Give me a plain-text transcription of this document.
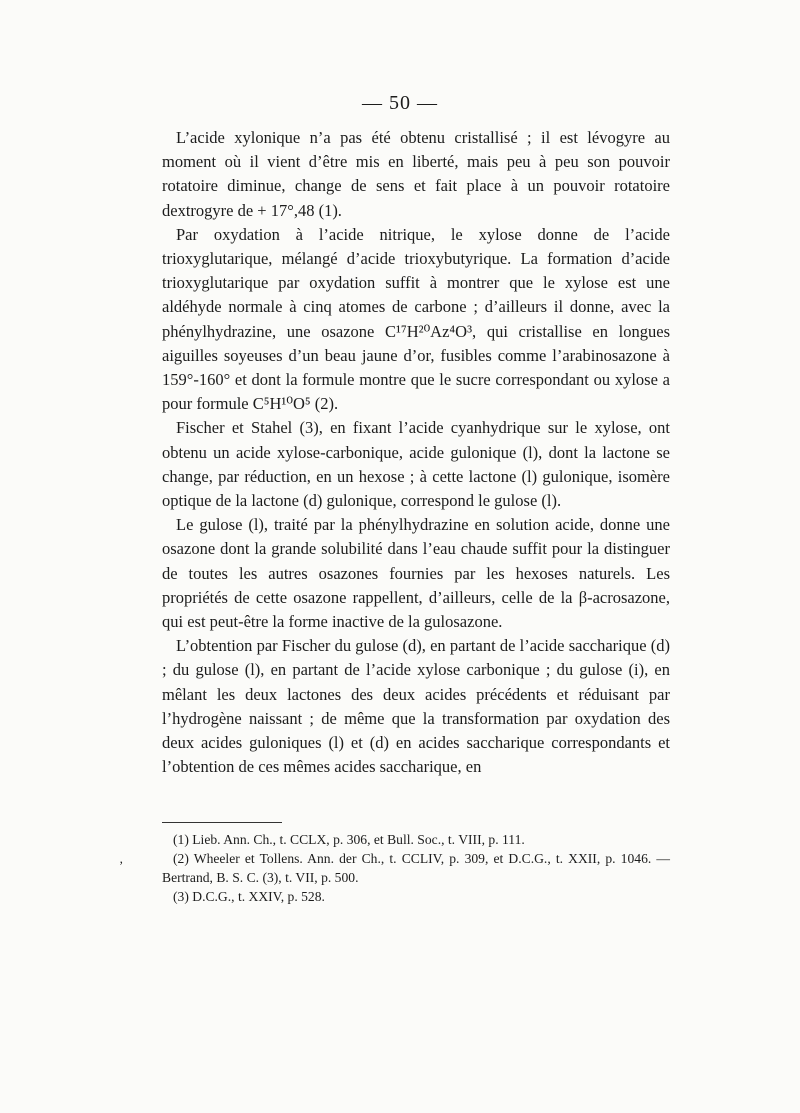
— 50 —

L’acide xylonique n’a pas été obtenu cristallisé ; il est lévogyre au moment où il vient d’être mis en liberté, mais peu à peu son pouvoir rotatoire diminue, change de sens et fait place à un pouvoir rotatoire dextrogyre de + 17°,48 (1).

Par oxydation à l’acide nitrique, le xylose donne de l’acide trioxyglutarique, mélangé d’acide trioxybutyrique. La formation d’acide trioxyglutarique par oxydation suffit à montrer que le xylose est une aldéhyde normale à cinq atomes de carbone ; d’ailleurs il donne, avec la phénylhydrazine, une osazone C¹⁷H²⁰Az⁴O³, qui cristallise en longues aiguilles soyeuses d’un beau jaune d’or, fusibles comme l’arabinosazone à 159°-160° et dont la formule montre que le sucre correspondant ou xylose a pour formule C⁵H¹⁰O⁵ (2).

Fischer et Stahel (3), en fixant l’acide cyanhydrique sur le xylose, ont obtenu un acide xylose-carbonique, acide gulonique (l), dont la lactone se change, par réduction, en un hexose ; à cette lactone (l) gulonique, isomère optique de la lactone (d) gulonique, correspond le gulose (l).

Le gulose (l), traité par la phénylhydrazine en solution acide, donne une osazone dont la grande solubilité dans l’eau chaude suffit pour la distinguer de toutes les autres osazones fournies par les hexoses naturels. Les propriétés de cette osazone rappellent, d’ailleurs, celle de la β-acrosazone, qui est peut-être la forme inactive de la gulosazone.

L’obtention par Fischer du gulose (d), en partant de l’acide saccharique (d) ; du gulose (l), en partant de l’acide xylose carbonique ; du gulose (i), en mêlant les deux lactones des deux acides précédents et réduisant par l’hydrogène naissant ; de même que la transformation par oxydation des deux acides guloniques (l) et (d) en acides saccharique correspondants et l’obtention de ces mêmes acides saccharique, en

’

(1) Lieb. Ann. Ch., t. CCLX, p. 306, et Bull. Soc., t. VIII, p. 111.

(2) Wheeler et Tollens. Ann. der Ch., t. CCLIV, p. 309, et D.C.G., t. XXII, p. 1046. — Bertrand, B. S. C. (3), t. VII, p. 500.

(3) D.C.G., t. XXIV, p. 528.
